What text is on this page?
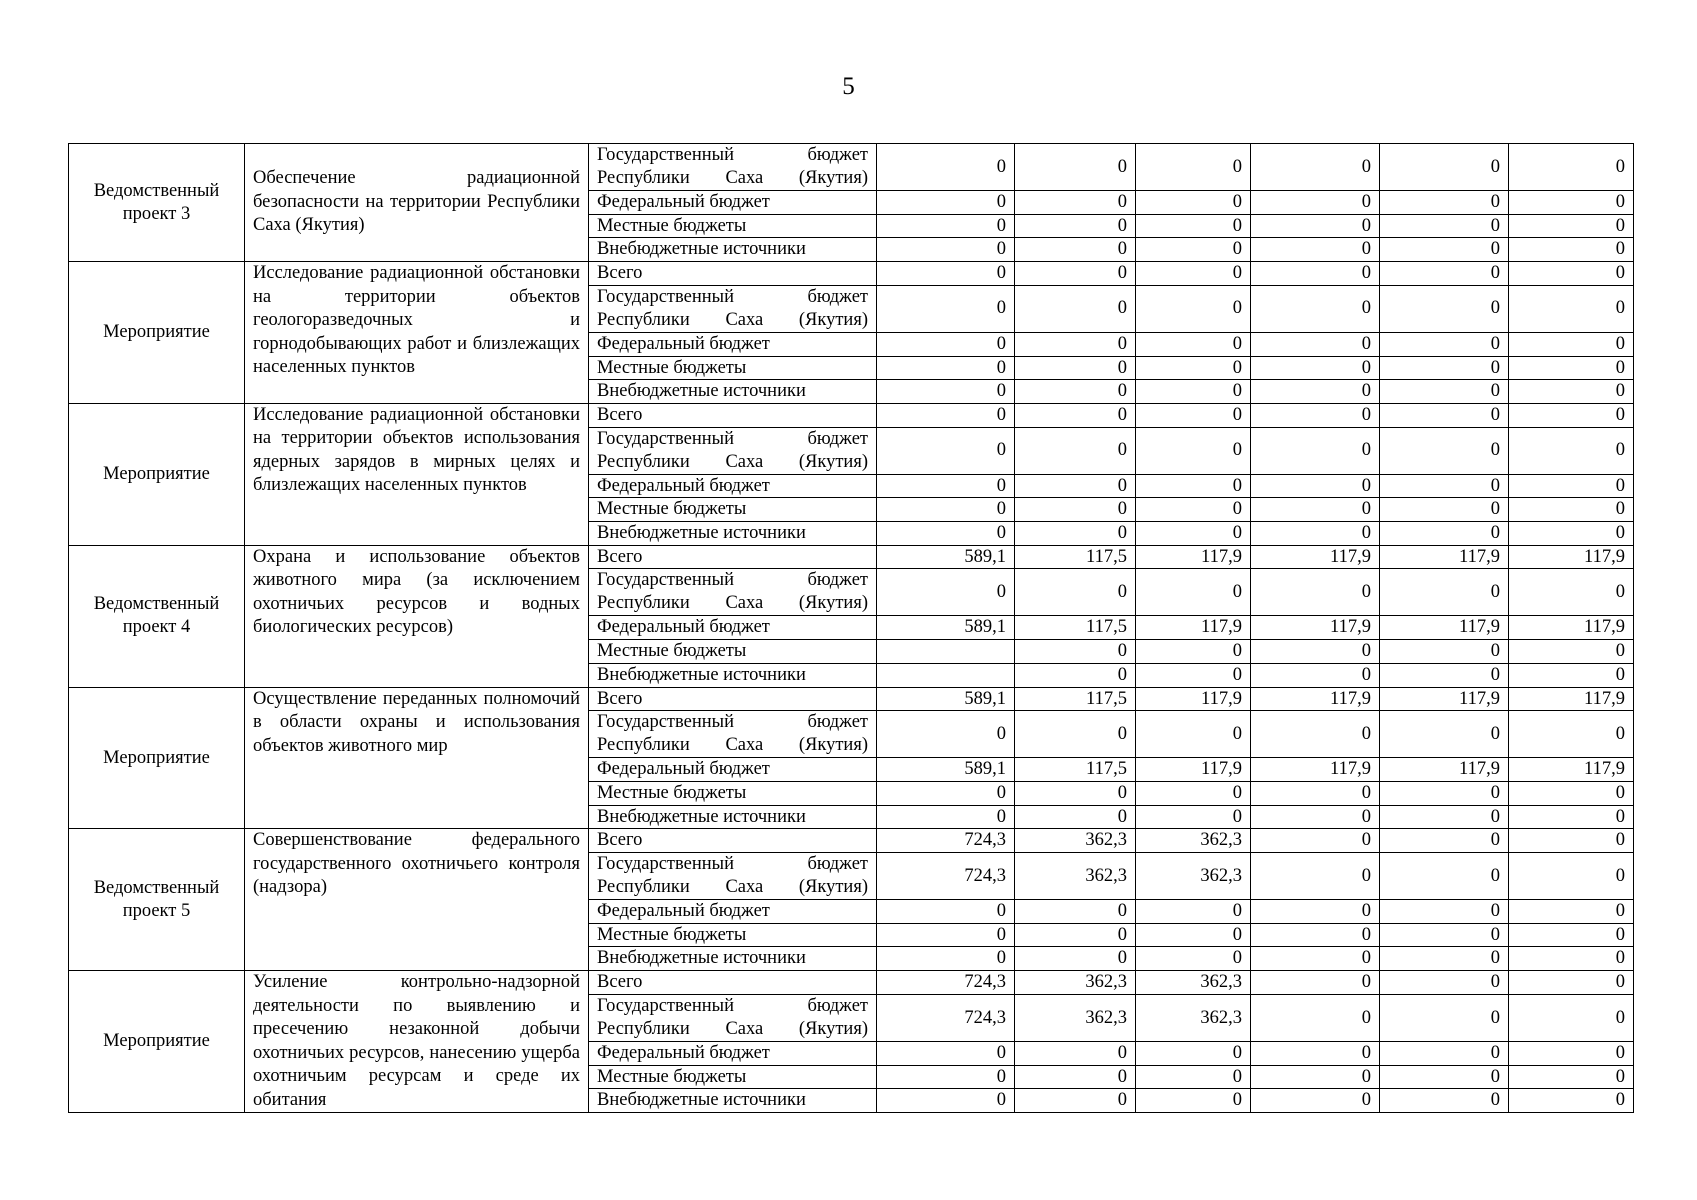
5
Ведомственный проект 3	Обеспечение радиационной безопасности на территории Республики Саха (Якутия)	Государственный бюджет Республики Саха (Якутия)	0	0	0	0	0	0
		Федеральный бюджет	0	0	0	0	0	0
		Местные бюджеты	0	0	0	0	0	0
		Внебюджетные источники	0	0	0	0	0	0
Мероприятие	Исследование радиационной обстановки на территории объектов геологоразведочных и горнодобывающих работ и близлежащих населенных пунктов	Всего	0	0	0	0	0	0
		Государственный бюджет Республики Саха (Якутия)	0	0	0	0	0	0
		Федеральный бюджет	0	0	0	0	0	0
		Местные бюджеты	0	0	0	0	0	0
		Внебюджетные источники	0	0	0	0	0	0
Мероприятие	Исследование радиационной обстановки на территории объектов использования ядерных зарядов в мирных целях и близлежащих населенных пунктов	Всего	0	0	0	0	0	0
		Государственный бюджет Республики Саха (Якутия)	0	0	0	0	0	0
		Федеральный бюджет	0	0	0	0	0	0
		Местные бюджеты	0	0	0	0	0	0
		Внебюджетные источники	0	0	0	0	0	0
Ведомственный проект 4	Охрана и использование объектов животного мира (за исключением охотничьих ресурсов и водных биологических ресурсов)	Всего	589,1	117,5	117,9	117,9	117,9	117,9
		Государственный бюджет Республики Саха (Якутия)	0	0	0	0	0	0
		Федеральный бюджет	589,1	117,5	117,9	117,9	117,9	117,9
		Местные бюджеты		0	0	0	0	0
		Внебюджетные источники		0	0	0	0	0
Мероприятие	Осуществление переданных полномочий в области охраны и использования объектов животного мир	Всего	589,1	117,5	117,9	117,9	117,9	117,9
		Государственный бюджет Республики Саха (Якутия)	0	0	0	0	0	0
		Федеральный бюджет	589,1	117,5	117,9	117,9	117,9	117,9
		Местные бюджеты	0	0	0	0	0	0
		Внебюджетные источники	0	0	0	0	0	0
Ведомственный проект 5	Совершенствование федерального государственного охотничьего контроля (надзора)	Всего	724,3	362,3	362,3	0	0	0
		Государственный бюджет Республики Саха (Якутия)	724,3	362,3	362,3	0	0	0
		Федеральный бюджет	0	0	0	0	0	0
		Местные бюджеты	0	0	0	0	0	0
		Внебюджетные источники	0	0	0	0	0	0
Мероприятие	Усиление контрольно-надзорной деятельности по выявлению и пресечению незаконной добычи охотничьих ресурсов, нанесению ущерба охотничьим ресурсам и среде их обитания	Всего	724,3	362,3	362,3	0	0	0
		Государственный бюджет Республики Саха (Якутия)	724,3	362,3	362,3	0	0	0
		Федеральный бюджет	0	0	0	0	0	0
		Местные бюджеты	0	0	0	0	0	0
		Внебюджетные источники	0	0	0	0	0	0
